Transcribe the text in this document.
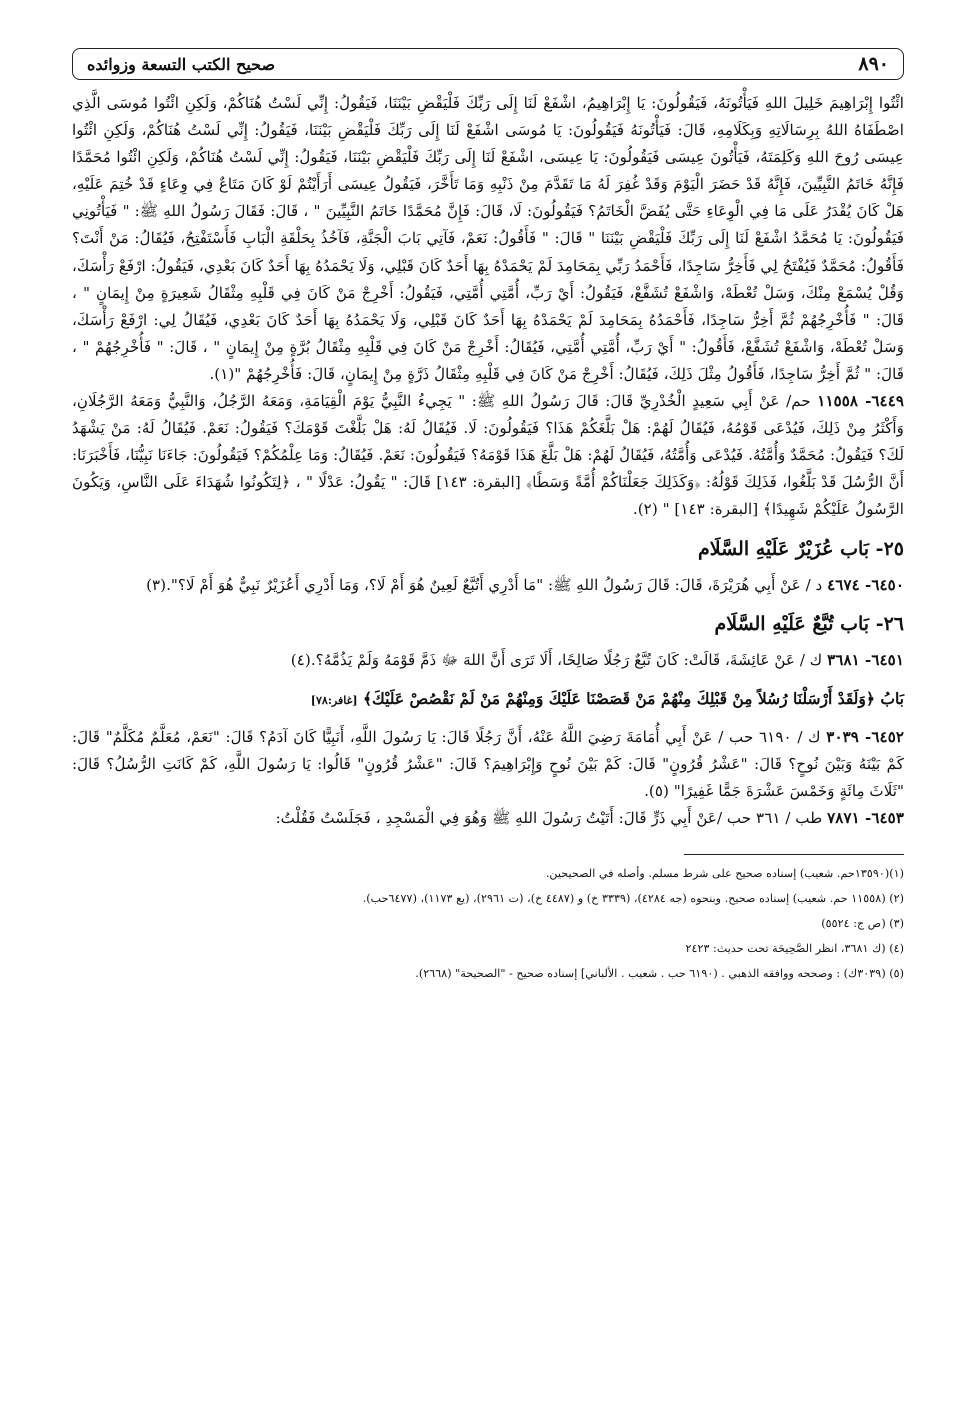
٨٩٠
صحيح الكتب التسعة وزوائده

ائْتُوا إِبْرَاهِيمَ خَلِيلَ اللهِ فَيَأْتُونَهُ، فَيَقُولُونَ: يَا إِبْرَاهِيمُ، اشْفَعْ لَنَا إِلَى رَبِّكَ فَلْيَقْضِ بَيْنَنَا، فَيَقُولُ: إِنِّي لَسْتُ هُنَاكُمْ، وَلَكِنِ ائْتُوا مُوسَى الَّذِي اصْطَفَاهُ اللهُ بِرِسَالَاتِهِ وَبِكَلَامِهِ، قَالَ: فَيَأْتُونَهُ فَيَقُولُونَ: يَا مُوسَى اشْفَعْ لَنَا إِلَى رَبِّكَ فَلْيَقْضِ بَيْنَنَا، فَيَقُولُ: إِنِّي لَسْتُ هُنَاكُمْ، وَلَكِنِ ائْتُوا عِيسَى رُوحَ اللهِ وَكَلِمَتَهُ، فَيَأْتُونَ عِيسَى فَيَقُولُونَ: يَا عِيسَى، اشْفَعْ لَنَا إِلَى رَبِّكَ فَلْيَقْضِ بَيْنَنَا، فَيَقُولُ: إِنِّي لَسْتُ هُنَاكُمْ، وَلَكِنِ ائْتُوا مُحَمَّدًا فَإِنَّهُ خَاتَمُ النَّبِيِّينَ، فَإِنَّهُ قَدْ حَضَرَ الْيَوْمَ وَقَدْ غُفِرَ لَهُ مَا تَقَدَّمَ مِنْ ذَنْبِهِ وَمَا تَأَخَّرَ، فَيَقُولُ عِيسَى أَرَأَيْتُمْ لَوْ كَانَ مَتَاعٌ فِي وِعَاءٍ قَدْ خُتِمَ عَلَيْهِ، هَلْ كَانَ يُقْدَرُ عَلَى مَا فِي الْوِعَاءِ حَتَّى يُفَضَّ الْخَاتَمُ؟ فَيَقُولُونَ: لَا، قَالَ: فَإِنَّ مُحَمَّدًا خَاتَمُ النَّبِيِّينَ " ، قَالَ: فَقَالَ رَسُولُ اللهِ ﷺ: " فَيَأْتُونِي فَيَقُولُونَ: يَا مُحَمَّدُ اشْفَعْ لَنَا إِلَى رَبِّكَ فَلْيَقْضِ بَيْنَنَا " قَالَ: " فَأَقُولُ: نَعَمْ، فَآتِي بَابَ الْجَنَّةِ، فَآخُذُ بِحَلْقَةِ الْبَابِ فَأَسْتَفْتِحُ، فَيُقَالُ: مَنْ أَنْتَ؟ فَأَقُولُ: مُحَمَّدٌ فَيُفْتَحُ لِي فَأَخِرُّ سَاجِدًا، فَأَحْمَدُ رَبِّي بِمَحَامِدَ لَمْ يَحْمَدْهُ بِهَا أَحَدٌ كَانَ قَبْلِي، وَلَا يَحْمَدُهُ بِهَا أَحَدٌ كَانَ بَعْدِي، فَيَقُولُ: ارْفَعْ رَأْسَكَ، وَقُلْ يُسْمَعْ مِنْكَ، وَسَلْ تُعْطَهْ، وَاشْفَعْ تُشَفَّعْ، فَيَقُولُ: أَيْ رَبِّ، أُمَّتِي أُمَّتِي، فَيَقُولُ: أَخْرِجْ مَنْ كَانَ فِي قَلْبِهِ مِثْقَالُ شَعِيرَةٍ مِنْ إِيمَانٍ " ، قَالَ: " فَأُخْرِجُهُمْ ثُمَّ أَخِرُّ سَاجِدًا، فَأَحْمَدُهُ بِمَحَامِدَ لَمْ يَحْمَدْهُ بِهَا أَحَدٌ كَانَ قَبْلِي، وَلَا يَحْمَدُهُ بِهَا أَحَدٌ كَانَ بَعْدِي، فَيُقَالُ لِي: ارْفَعْ رَأْسَكَ، وَسَلْ تُعْطَهْ، وَاشْفَعْ تُشَفَّعْ، فَأَقُولُ: " أَيْ رَبِّ، أُمَّتِي أُمَّتِي، فَيُقَالُ: أَخْرِجْ مَنْ كَانَ فِي قَلْبِهِ مِثْقَالُ بُرَّةٍ مِنْ إِيمَانٍ " ، قَالَ: " فَأُخْرِجُهُمْ " ، قَالَ: " ثُمَّ أَخِرُّ سَاجِدًا، فَأَقُولُ مِثْلَ ذَلِكَ، فَيُقَالُ: أَخْرِجْ مَنْ كَانَ فِي قَلْبِهِ مِثْقَالُ ذَرَّةٍ مِنْ إِيمَانٍ، قَالَ: فَأُخْرِجُهُمْ "(١).

٦٤٤٩- ١١٥٥٨ حم/ عَنْ أَبِي سَعِيدٍ الْخُدْرِيِّ قَالَ: قَالَ رَسُولُ اللهِ ﷺ: " يَجِيءُ النَّبِيُّ يَوْمَ الْقِيَامَةِ، وَمَعَهُ الرَّجُلُ، وَالنَّبِيُّ وَمَعَهُ الرَّجُلَانِ، وَأَكْثَرُ مِنْ ذَلِكَ، فَيُدْعَى قَوْمُهُ، فَيُقَالُ لَهُمْ: هَلْ بَلَّغَكُمْ هَذَا؟ فَيَقُولُونَ: لَا. فَيُقَالُ لَهُ: هَلْ بَلَّغْتَ قَوْمَكَ؟ فَيَقُولُ: نَعَمْ. فَيُقَالُ لَهُ: مَنْ يَشْهَدُ لَكَ؟ فَيَقُولُ: مُحَمَّدٌ وَأُمَّتُهُ. فَيُدْعَى وَأُمَّتُهُ، فَيُقَالُ لَهُمْ: هَلْ بَلَّغَ هَذَا قَوْمَهُ؟ فَيَقُولُونَ: نَعَمْ. فَيُقَالُ: وَمَا عِلْمُكُمْ؟ فَيَقُولُونَ: جَاءَنَا نَبِيُّنَا، فَأَخْبَرَنَا: أَنَّ الرُّسُلَ قَدْ بَلَّغُوا، فَذَلِكَ قَوْلُهُ: ﴿وَكَذَلِكَ جَعَلْنَاكُمْ أُمَّةً وَسَطًا﴾ [البقرة: ١٤٣] قَالَ: " يَقُولُ: عَدْلًا " ، ﴿لِتَكُونُوا شُهَدَاءَ عَلَى النَّاسِ، وَيَكُونَ الرَّسُولُ عَلَيْكُمْ شَهِيدًا﴾ [البقرة: ١٤٣] " (٢).

٢٥- بَاب عُزَيْرٌ عَلَيْهِ السَّلَام

٦٤٥٠- ٤٦٧٤ د / عَنْ أَبِي هُرَيْرَةَ، قَالَ: قَالَ رَسُولُ اللهِ ﷺ: "مَا أَدْرِي أَتُبَّعٌ لَعِينٌ هُوَ أَمْ لَا؟، وَمَا أَدْرِي أَعُزَيْرٌ نَبِيٌّ هُوَ أَمْ لَا؟".(٣)

٢٦- بَاب تُبَّعٌ عَلَيْهِ السَّلَام

٦٤٥١- ٣٦٨١ ك / عَنْ عَائِشَةَ، قَالَتْ: كَانَ تُبَّعٌ رَجُلًا صَالِحًا، أَلَا تَرَى أَنَّ اللهَ ﷻ ذَمَّ قَوْمَهُ وَلَمْ يَذُمَّهُ؟.(٤)

بَابُ ﴿وَلَقَدْ أَرْسَلْنَا رُسُلاً مِنْ قَبْلِكَ مِنْهُمْ مَنْ قَصَصْنَا عَلَيْكَ وَمِنْهُمْ مَنْ لَمْ نَقْصُصْ عَلَيْكَ﴾ [غافر:٧٨]

٦٤٥٢- ٣٠٣٩ ك / ٦١٩٠ حب / عَنْ أَبِي أُمَامَةَ رَضِيَ اللَّهُ عَنْهُ، أَنَّ رَجُلًا قَالَ: يَا رَسُولَ اللَّهِ، أَنَبِيًّا كَانَ آدَمُ؟ قَالَ: "نَعَمْ، مُعَلَّمٌ مُكَلَّمٌ" قَالَ: كَمْ بَيْنَهُ وَبَيْنَ نُوحٍ؟ قَالَ: "عَشْرُ قُرُونٍ" قَالَ: كَمْ بَيْنَ نُوحٍ وَإِبْرَاهِيمَ؟ قَالَ: "عَشْرُ قُرُونٍ" قَالُوا: يَا رَسُولَ اللَّهِ، كَمْ كَانَتِ الرُّسُلُ؟ قَالَ: "ثَلَاثَ مِائَةٍ وَخَمْسَ عَشْرَةَ جَمًّا غَفِيرًا" (٥).

٦٤٥٣- ٧٨٧١ طب / ٣٦١ حب /عَنْ أَبِي ذَرٍّ قَالَ: أَتَيْتُ رَسُولَ اللهِ ﷺ وَهُوَ فِي الْمَسْجِدِ ، فَجَلَسْتُ فَقُلْتُ:

(١)(١٣٥٩٠حم. شعيب) إسناده صحيح على شرط مسلم. وأصله في الصحيحين.

(٢) (١١٥٥٨ حم. شعيب) إسناده صحيح. وبنحوه (جه ٤٢٨٤)، (٣٣٣٩ خ) و (٤٤٨٧ خ)، (ت ٢٩٦١)، (يع ١١٧٣)، (٦٤٧٧حب).

(٣) (ص ج: ٥٥٢٤)

(٤) (ك ٣٦٨١، انظر الصَّحِيحَة تحت حديث: ٢٤٢٣

(٥) (٣٠٣٩ك) : وصححه ووافقه الذهبي . (٦١٩٠ حب . شعيب . الألباني] إسناده صحيح - "الصحيحة" (٢٦٦٨).
